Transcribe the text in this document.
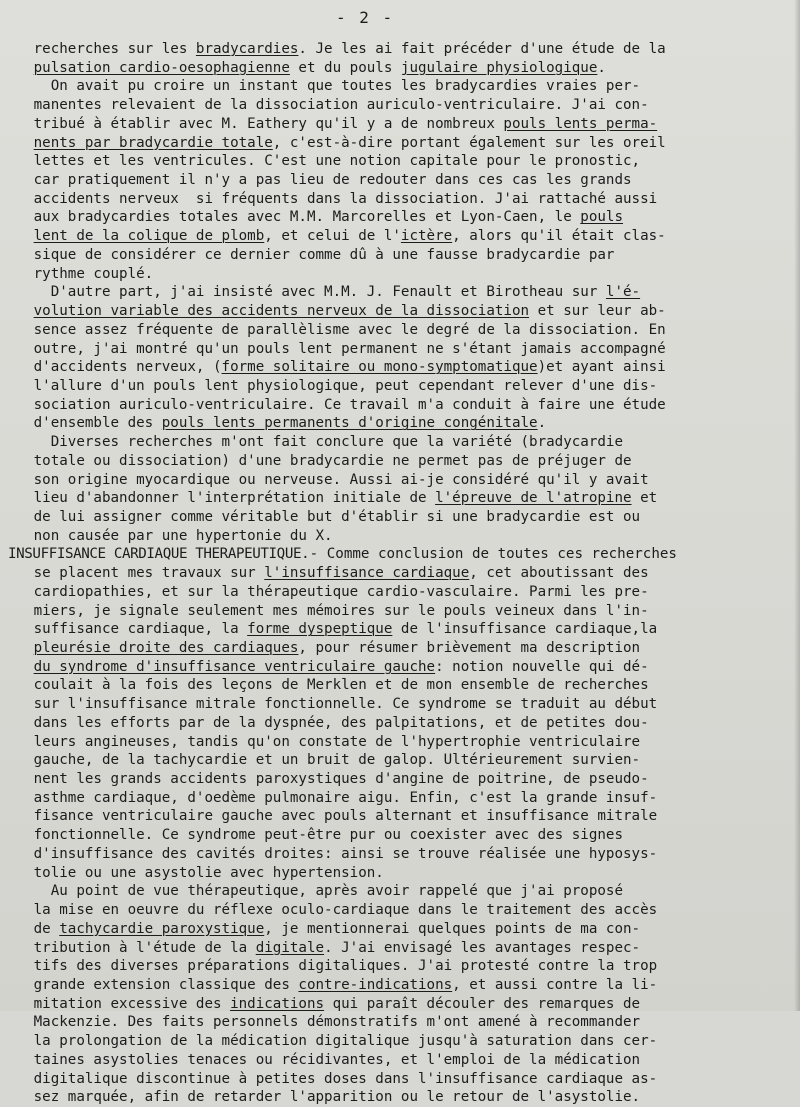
- 2 -
recherches sur les bradycardies. Je les ai fait précéder d'une étude de la
pulsation cardio-oesophagienne et du pouls jugulaire physiologique.
On avait pu croire un instant que toutes les bradycardies vraies per-
manentes relevaient de la dissociation auriculo-ventriculaire. J'ai con-
tribué à établir avec M. Eathery qu'il y a de nombreux pouls lents perma-
nents par bradycardie totale, c'est-à-dire portant également sur les oreil
lettes et les ventricules. C'est une notion capitale pour le pronostic,
car pratiquement il n'y a pas lieu de redouter dans ces cas les grands
accidents nerveux  si fréquents dans la dissociation. J'ai rattaché aussi
aux bradycardies totales avec M.M. Marcorelles et Lyon-Caen, le pouls
lent de la colique de plomb, et celui de l'ictère, alors qu'il était clas-
sique de considérer ce dernier comme dû à une fausse bradycardie par
rythme couplé.
D'autre part, j'ai insisté avec M.M. J. Fenault et Birotheau sur l'é-
volution variable des accidents nerveux de la dissociation et sur leur ab-
sence assez fréquente de parallèlisme avec le degré de la dissociation. En
outre, j'ai montré qu'un pouls lent permanent ne s'étant jamais accompagné
d'accidents nerveux, (forme solitaire ou mono-symptomatique)et ayant ainsi
l'allure d'un pouls lent physiologique, peut cependant relever d'une dis-
sociation auriculo-ventriculaire. Ce travail m'a conduit à faire une étude
d'ensemble des pouls lents permanents d'origine congénitale.
Diverses recherches m'ont fait conclure que la variété (bradycardie
totale ou dissociation) d'une bradycardie ne permet pas de préjuger de
son origine myocardique ou nerveuse. Aussi ai-je considéré qu'il y avait
lieu d'abandonner l'interprétation initiale de l'épreuve de l'atropine et
de lui assigner comme véritable but d'établir si une bradycardie est ou
non causée par une hypertonie du X.
INSUFFISANCE CARDIAQUE THERAPEUTIQUE.- Comme conclusion de toutes ces recherches
se placent mes travaux sur l'insuffisance cardiaque, cet aboutissant des
cardiopathies, et sur la thérapeutique cardio-vasculaire. Parmi les pre-
miers, je signale seulement mes mémoires sur le pouls veineux dans l'in-
suffisance cardiaque, la forme dyspeptique de l'insuffisance cardiaque,la
pleurésie droite des cardiaques, pour résumer brièvement ma description
du syndrome d'insuffisance ventriculaire gauche: notion nouvelle qui dé-
coulait à la fois des leçons de Merklen et de mon ensemble de recherches
sur l'insuffisance mitrale fonctionnelle. Ce syndrome se traduit au début
dans les efforts par de la dyspnée, des palpitations, et de petites dou-
leurs angineuses, tandis qu'on constate de l'hypertrophie ventriculaire
gauche, de la tachycardie et un bruit de galop. Ultérieurement survien-
nent les grands accidents paroxystiques d'angine de poitrine, de pseudo-
asthme cardiaque, d'oedème pulmonaire aigu. Enfin, c'est la grande insuf-
fisance ventriculaire gauche avec pouls alternant et insuffisance mitrale
fonctionnelle. Ce syndrome peut-être pur ou coexister avec des signes
d'insuffisance des cavités droites: ainsi se trouve réalisée une hyposys-
tolie ou une asystolie avec hypertension.
Au point de vue thérapeutique, après avoir rappelé que j'ai proposé
la mise en oeuvre du réflexe oculo-cardiaque dans le traitement des accès
de tachycardie paroxystique, je mentionnerai quelques points de ma con-
tribution à l'étude de la digitale. J'ai envisagé les avantages respec-
tifs des diverses préparations digitaliques. J'ai protesté contre la trop
grande extension classique des contre-indications, et aussi contre la li-
mitation excessive des indications qui paraît découler des remarques de
Mackenzie. Des faits personnels démonstratifs m'ont amené à recommander
la prolongation de la médication digitalique jusqu'à saturation dans cer-
taines asystolies tenaces ou récidivantes, et l'emploi de la médication
digitalique discontinue à petites doses dans l'insuffisance cardiaque as-
sez marquée, afin de retarder l'apparition ou le retour de l'asystolie.
